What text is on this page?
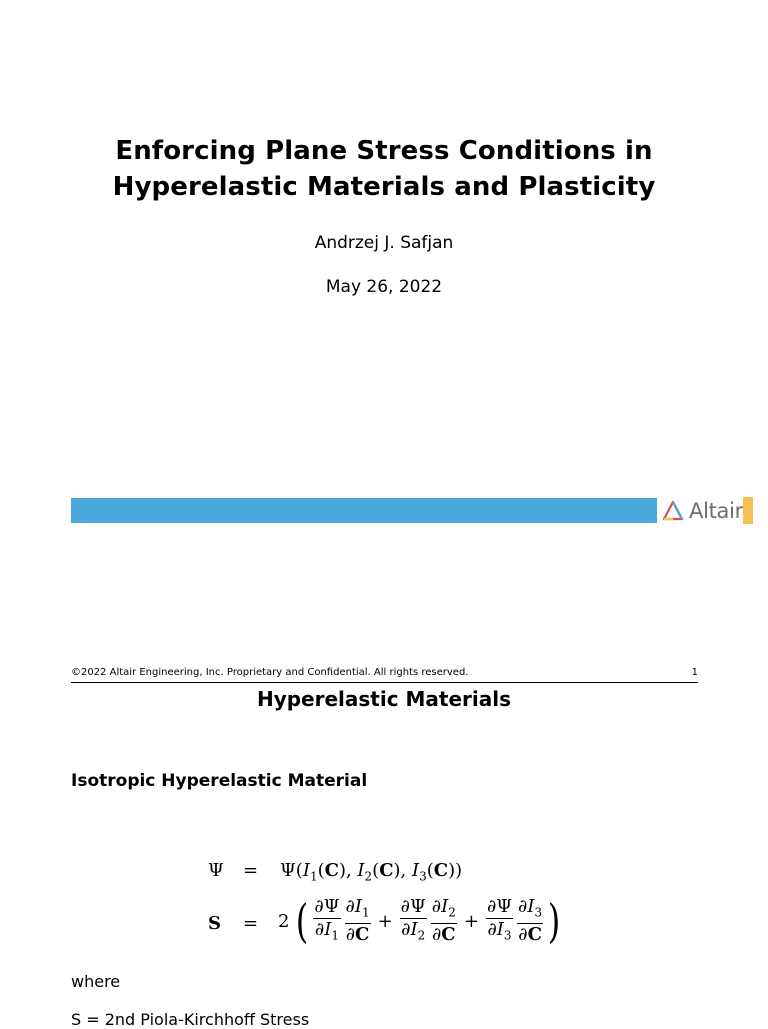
Enforcing Plane Stress Conditions in
Hyperelastic Materials and Plasticity
Andrzej J. Safjan
May 26, 2022
Altair
©2022 Altair Engineering, Inc. Proprietary and Confidential. All rights reserved.	1
Hyperelastic Materials
Isotropic Hyperelastic Material
$\Psi = \Psi(I_1(C)$, $I_2(C)$, $I_3(C)$)
S = 2 ( $\frac{\partial\Psi}{\partial I_1} \frac{\partial I_1}{\partial C} + \frac{\partial\Psi}{\partial I_2} \frac{\partial I_2}{\partial C} + \frac{\partial\Psi}{\partial I_3} \frac{\partial I_3}{\partial C}$ )
where
S = 2nd Piola-Kirchhoff Stress
